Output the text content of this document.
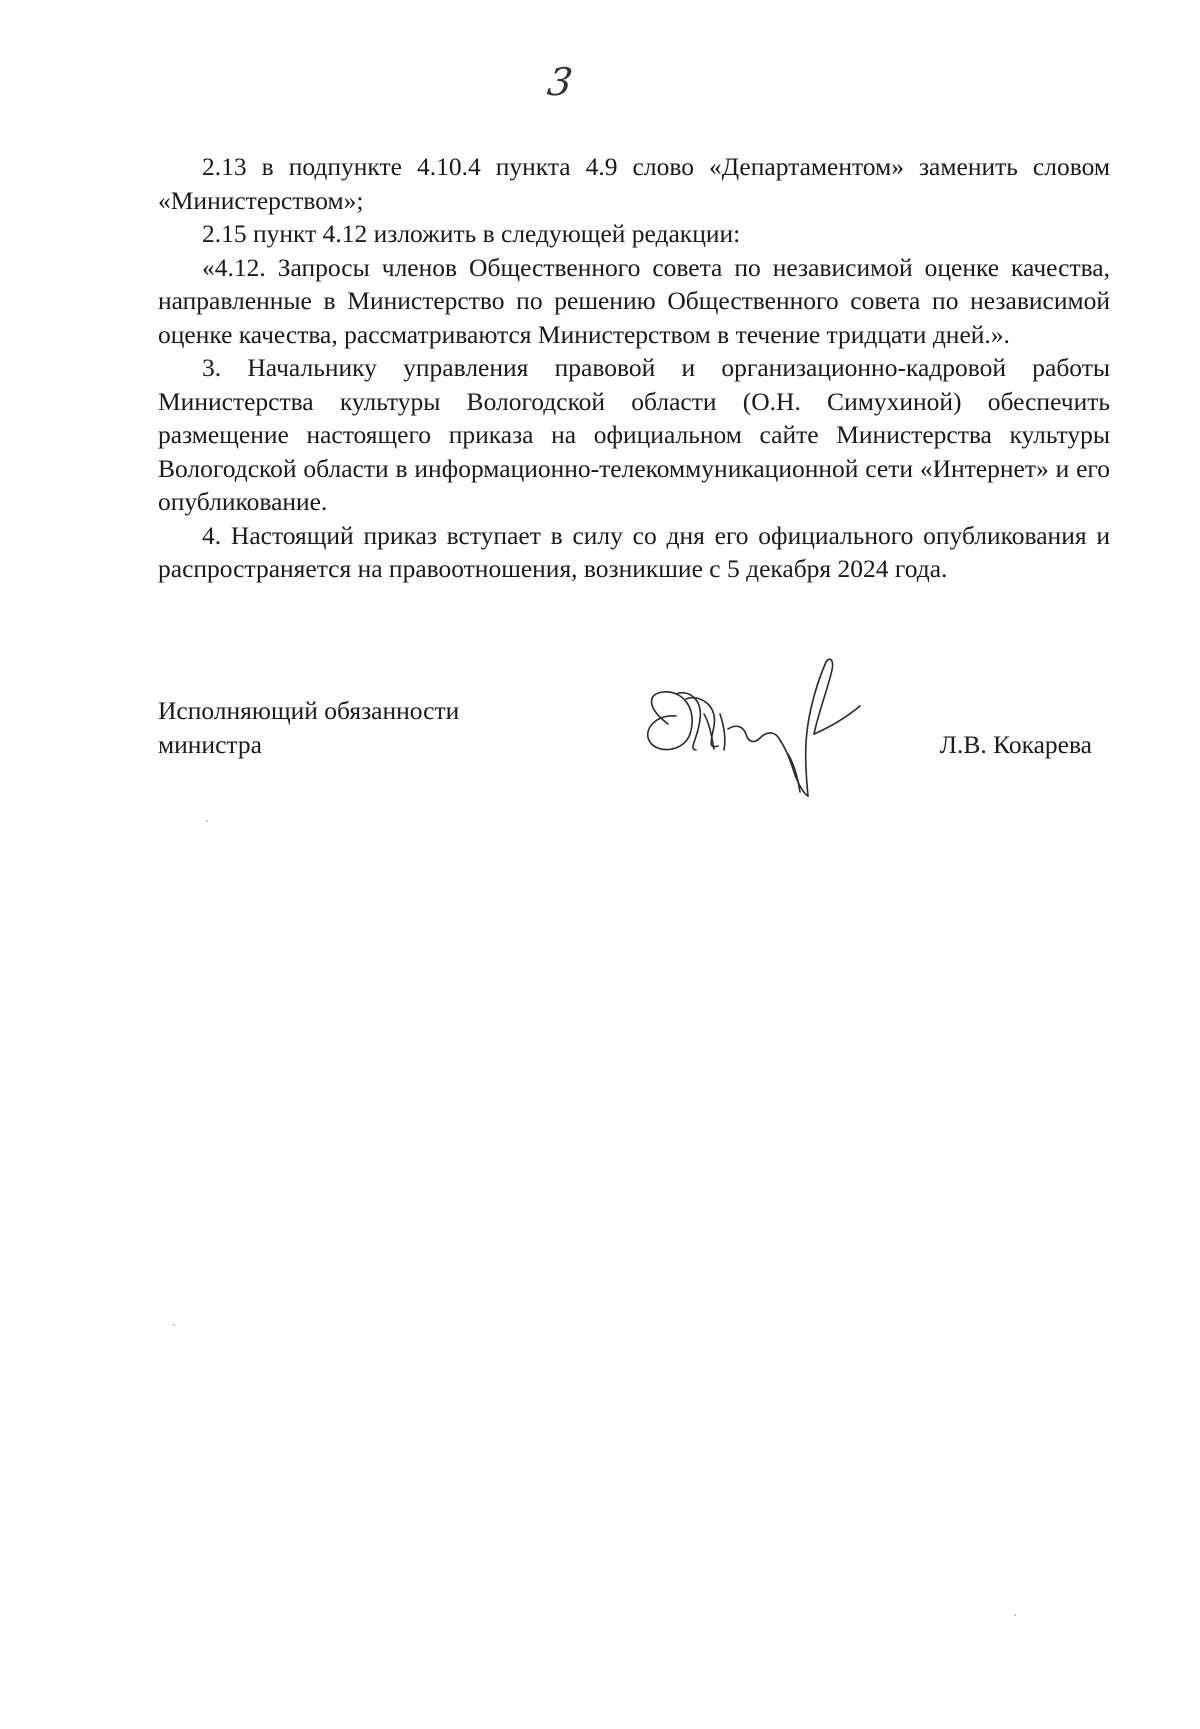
3

2.13 в подпункте 4.10.4 пункта 4.9 слово «Департаментом» заменить словом «Министерством»;

2.15 пункт 4.12 изложить в следующей редакции:

«4.12. Запросы членов Общественного совета по независимой оценке качества, направленные в Министерство по решению Общественного совета по независимой оценке качества, рассматриваются Министерством в течение тридцати дней.».

3. Начальнику управления правовой и организационно-кадровой работы Министерства культуры Вологодской области (О.Н. Симухиной) обеспечить размещение настоящего приказа на официальном сайте Министерства культуры Вологодской области в информационно-телекоммуникационной сети «Интернет» и его опубликование.

4. Настоящий приказ вступает в силу со дня его официального опубликования и распространяется на правоотношения, возникшие с 5 декабря 2024 года.

Исполняющий обязанности
министра	Л.В. Кокарева
